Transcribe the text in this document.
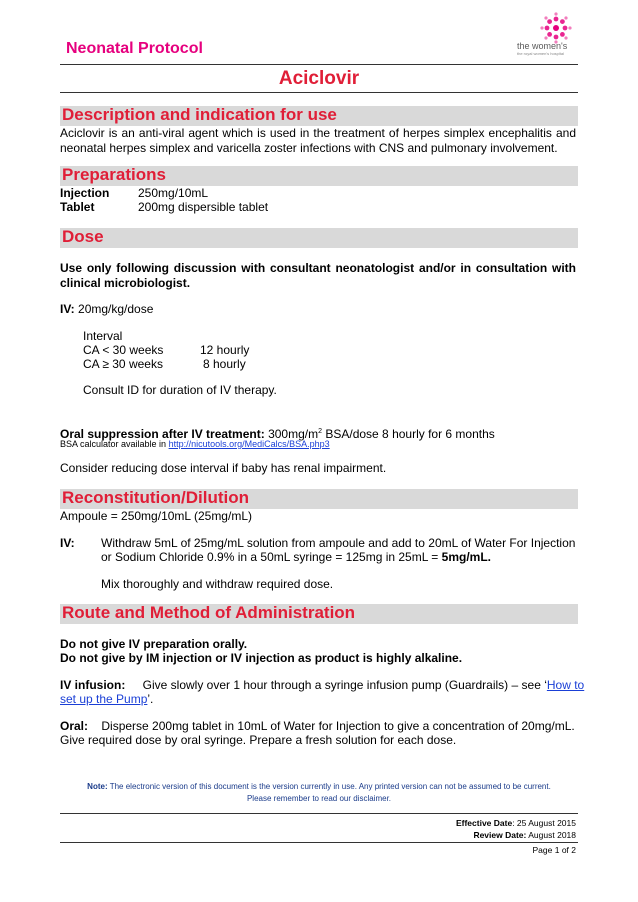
Neonatal Protocol	the women's
the royal women's hospital
Aciclovir
Description and indication for use
Aciclovir is an anti-viral agent which is used in the treatment of herpes simplex encephalitis and neonatal herpes simplex and varicella zoster infections with CNS and pulmonary involvement.
Preparations
Injection 250mg/10mL
Tablet	200mg dispersible tablet
Dose
Use only following discussion with consultant neonatologist and/or in consultation with clinical microbiologist.
IV: 20mg/kg/dose
Interval
CA < 30 weeks	12 hourly
CA ≥ 30 weeks	8 hourly
Consult ID for duration of IV therapy.
Oral suppression after IV treatment: $300mg/m^2$ BSA/dose 8 hourly for 6 months
BSA calculator available in http://nicutools.org/MediCalcs/BSA.php3
Consider reducing dose interval if baby has renal impairment.
Reconstitution/Dilution
Ampoule = 250mg/10mL (25mg/mL)
IV: Withdraw 5mL of 25mg/mL solution from ampoule and add to 20mL of Water For Injection
or Sodium Chloride 0.9% in a 50mL syringe = 125mg in 25mL = 5mg/mL.
Mix thoroughly and withdraw required dose.
Route and Method of Administration
Do not give IV preparation orally.
Do not give by IM injection or IV injection as product is highly alkaline.
IV infusion: Give slowly over 1 hour through a syringe infusion pump (Guardrails) – see ‘How to
set up the Pump’.
Oral: Disperse 200mg tablet in 10mL of Water for Injection to give a concentration of 20mg/mL.
Give required dose by oral syringe. Prepare a fresh solution for each dose.
Note: The electronic version of this document is the version currently in use. Any printed version can not be assumed to be current.
Please remember to read our disclaimer.
Effective Date: 25 August 2015
Review Date: August 2018
Page 1 of 2
